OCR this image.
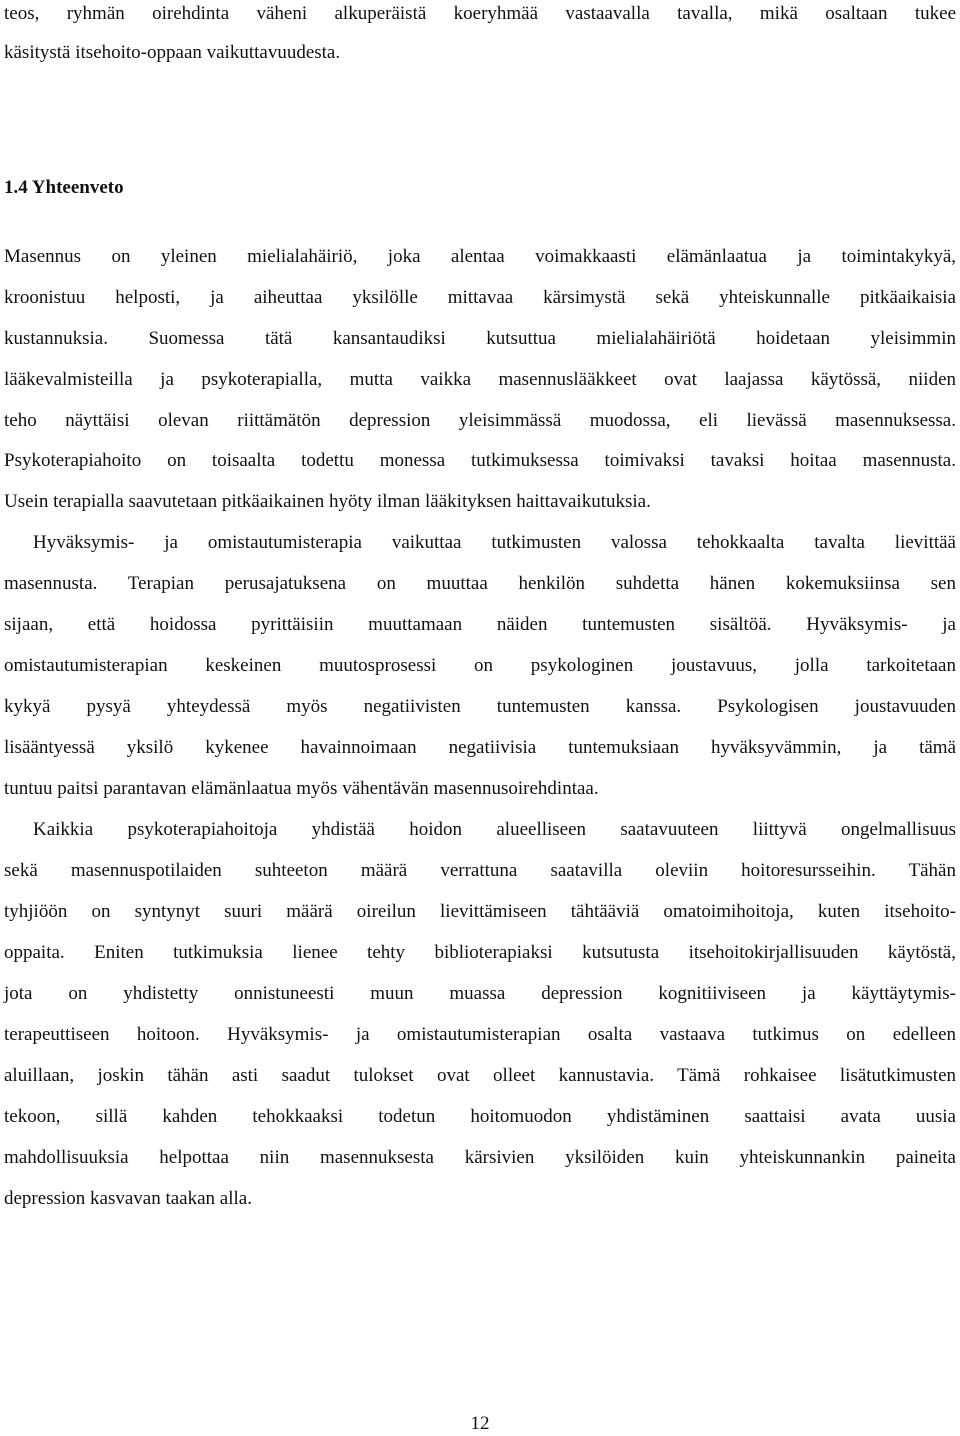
teos, ryhmän oirehdinta väheni alkuperäistä koeryhmää vastaavalla tavalla, mikä osaltaan tukee
käsitystä itsehoito-oppaan vaikuttavuudesta.
1.4 Yhteenveto
Masennus on yleinen mielialahäiriö, joka alentaa voimakkaasti elämänlaatua ja toimintakykyä,
kroonistuu helposti, ja aiheuttaa yksilölle mittavaa kärsimystä sekä yhteiskunnalle pitkäaikaisia
kustannuksia. Suomessa tätä kansantaudiksi kutsuttua mielialahäiriötä hoidetaan yleisimmin
lääkevalmisteilla ja psykoterapialla, mutta vaikka masennuslääkkeet ovat laajassa käytössä, niiden
teho näyttäisi olevan riittämätön depression yleisimmässä muodossa, eli lievässä masennuksessa.
Psykoterapiahoito on toisaalta todettu monessa tutkimuksessa toimivaksi tavaksi hoitaa masennusta.
Usein terapialla saavutetaan pitkäaikainen hyöty ilman lääkityksen haittavaikutuksia.
Hyväksymis- ja omistautumisterapia vaikuttaa tutkimusten valossa tehokkaalta tavalta lievittää
masennusta. Terapian perusajatuksena on muuttaa henkilön suhdetta hänen kokemuksiinsa sen
sijaan, että hoidossa pyrittäisiin muuttamaan näiden tuntemusten sisältöä. Hyväksymis- ja
omistautumisterapian keskeinen muutosprosessi on psykologinen joustavuus, jolla tarkoitetaan
kykyä pysyä yhteydessä myös negatiivisten tuntemusten kanssa. Psykologisen joustavuuden
lisääntyessä yksilö kykenee havainnoimaan negatiivisia tuntemuksiaan hyväksyvämmin, ja tämä
tuntuu paitsi parantavan elämänlaatua myös vähentävän masennusoirehdintaa.
Kaikkia psykoterapiahoitoja yhdistää hoidon alueelliseen saatavuuteen liittyvä ongelmallisuus
sekä masennuspotilaiden suhteeton määrä verrattuna saatavilla oleviin hoitoresursseihin. Tähän
tyhjiöön on syntynyt suuri määrä oireilun lievittämiseen tähtääviä omatoimihoitoja, kuten itsehoito-
oppaita. Eniten tutkimuksia lienee tehty biblioterapiaksi kutsutusta itsehoitokirjallisuuden käytöstä,
jota on yhdistetty onnistuneesti muun muassa depression kognitiiviseen ja käyttäytymis-
terapeuttiseen hoitoon. Hyväksymis- ja omistautumisterapian osalta vastaava tutkimus on edelleen
aluillaan, joskin tähän asti saadut tulokset ovat olleet kannustavia. Tämä rohkaisee lisätutkimusten
tekoon, sillä kahden tehokkaaksi todetun hoitomuodon yhdistäminen saattaisi avata uusia
mahdollisuuksia helpottaa niin masennuksesta kärsivien yksilöiden kuin yhteiskunnankin paineita
depression kasvavan taakan alla.
12
